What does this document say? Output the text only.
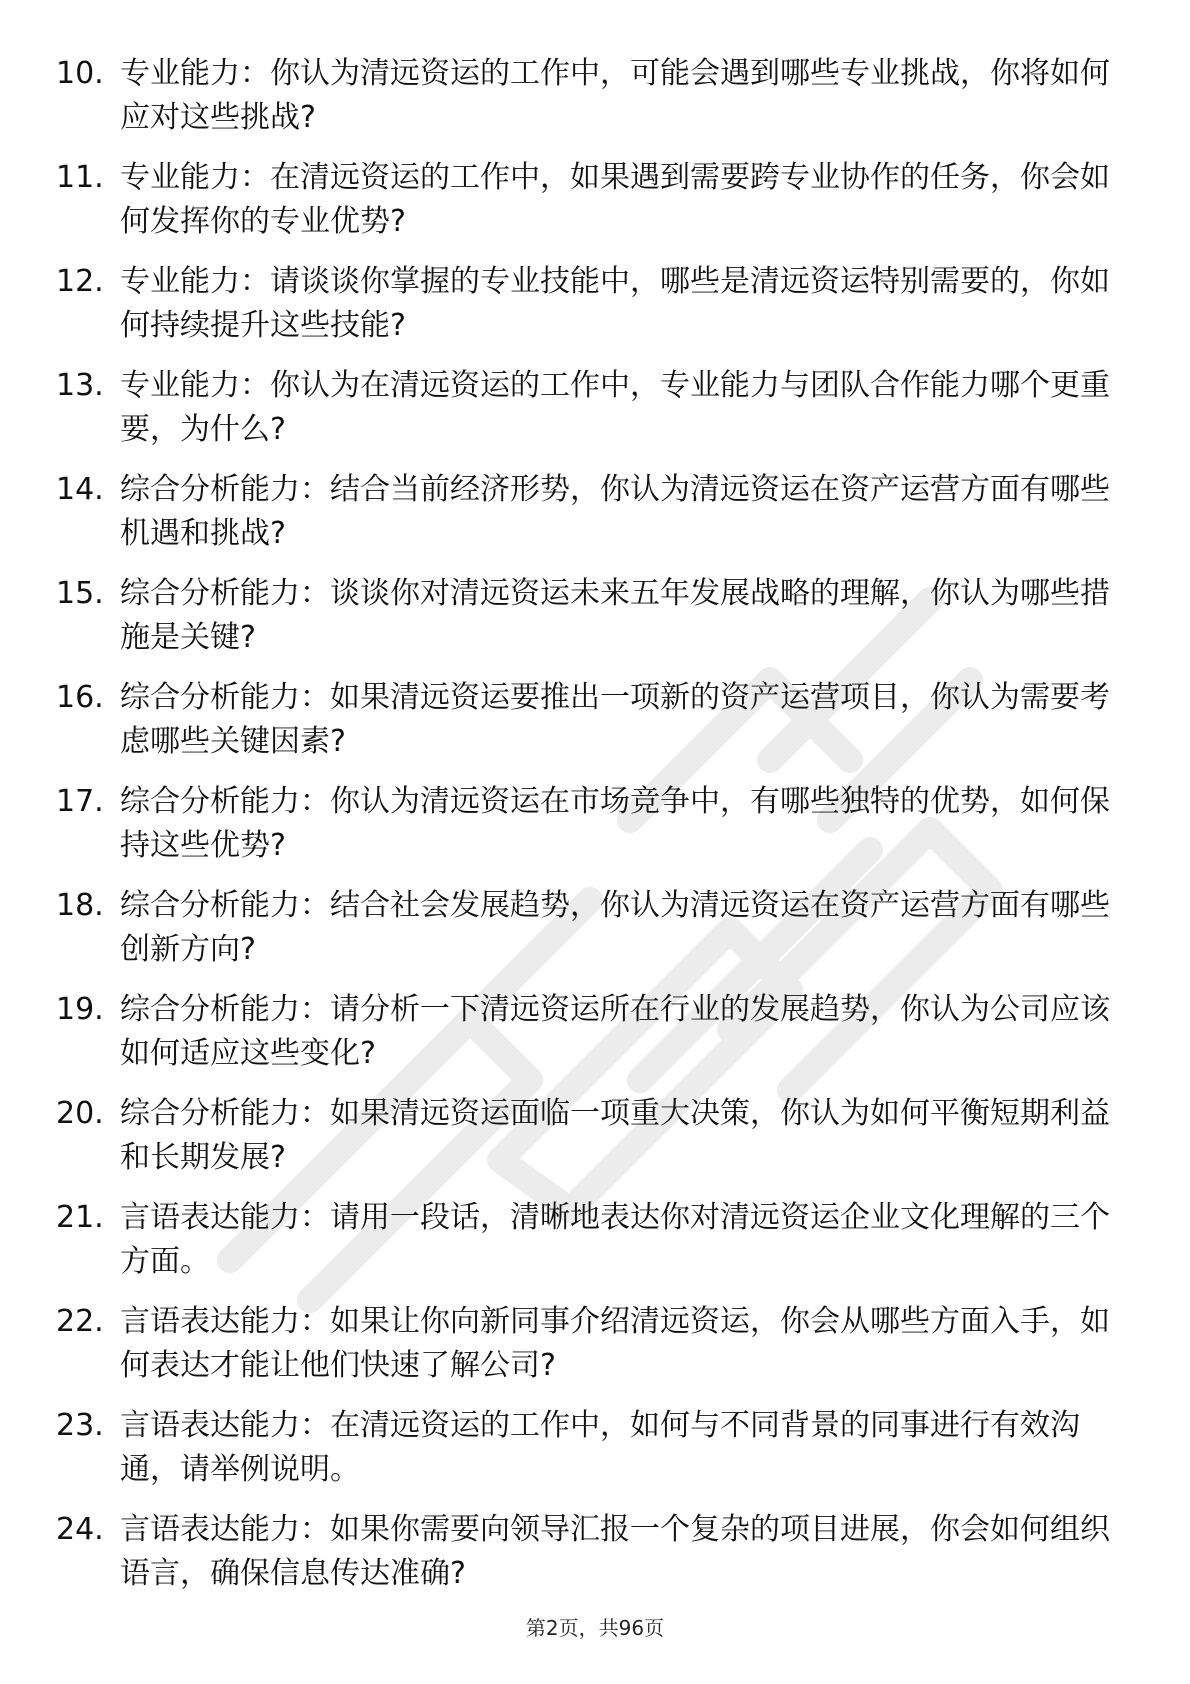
10. 专业能力：你认为清远资运的工作中，可能会遇到哪些专业挑战，你将如何应对这些挑战?
11. 专业能力：在清远资运的工作中，如果遇到需要跨专业协作的任务，你会如何发挥你的专业优势?
12. 专业能力：请谈谈你掌握的专业技能中，哪些是清远资运特别需要的，你如何持续提升这些技能?
13. 专业能力：你认为在清远资运的工作中，专业能力与团队合作能力哪个更重要，为什么?
14. 综合分析能力：结合当前经济形势，你认为清远资运在资产运营方面有哪些机遇和挑战?
15. 综合分析能力：谈谈你对清远资运未来五年发展战略的理解，你认为哪些措施是关键?
16. 综合分析能力：如果清远资运要推出一项新的资产运营项目，你认为需要考虑哪些关键因素?
17. 综合分析能力：你认为清远资运在市场竞争中，有哪些独特的优势，如何保持这些优势?
18. 综合分析能力：结合社会发展趋势，你认为清远资运在资产运营方面有哪些创新方向?
19. 综合分析能力：请分析一下清远资运所在行业的发展趋势，你认为公司应该如何适应这些变化?
20. 综合分析能力：如果清远资运面临一项重大决策，你认为如何平衡短期利益和长期发展?
21. 言语表达能力：请用一段话，清晰地表达你对清远资运企业文化理解的三个方面。
22. 言语表达能力：如果让你向新同事介绍清远资运，你会从哪些方面入手，如何表达才能让他们快速了解公司?
23. 言语表达能力：在清远资运的工作中，如何与不同背景的同事进行有效沟通，请举例说明。
24. 言语表达能力：如果你需要向领导汇报一个复杂的项目进展，你会如何组织语言，确保信息传达准确?
第2页，共96页
